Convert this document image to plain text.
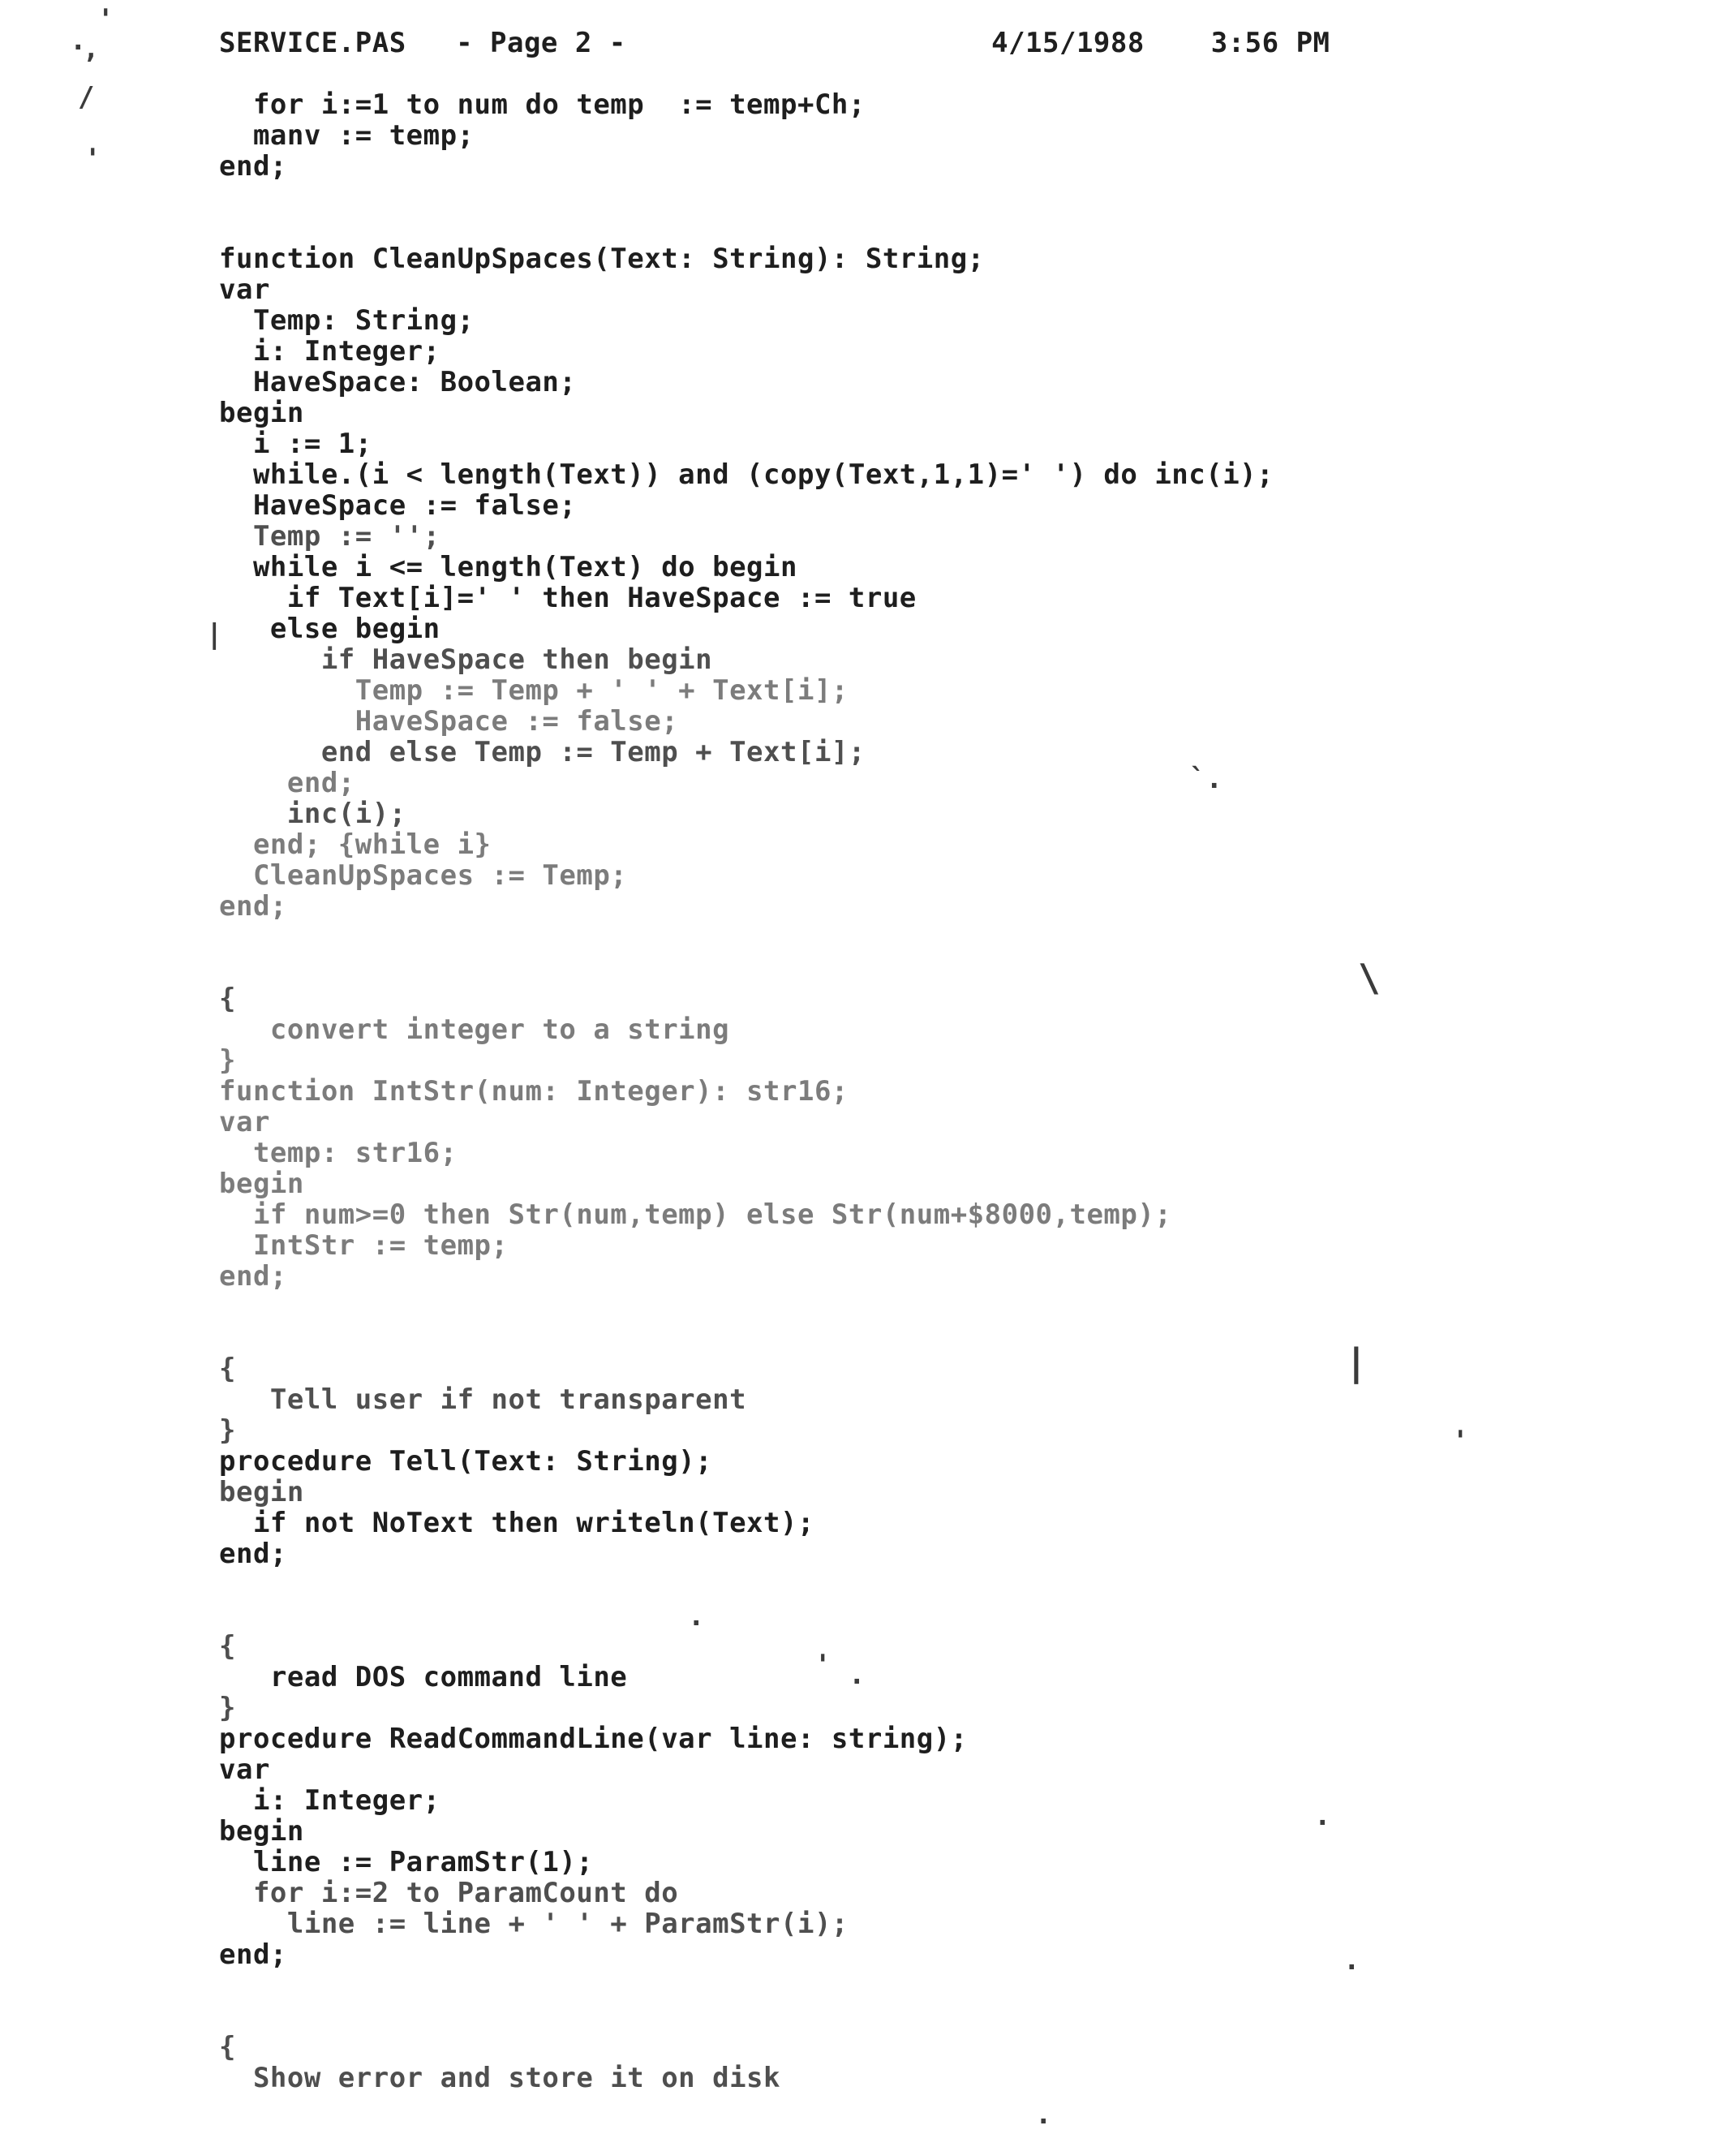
SERVICE.PAS - Page 2 -	4/15/1988 3:56 PM

for i:=1 to num do temp  := temp+Ch;
manv := temp;
end;

function CleanUpSpaces(Text: String): String;
var
Temp: String;
i: Integer;
HaveSpace: Boolean;
begin
i := 1;
while.(i < length(Text)) and (copy(Text,1,1)=' ') do inc(i);
HaveSpace := false;
Temp := '';
while i <= length(Text) do begin
if Text[i]=' ' then HaveSpace := true
else begin
if HaveSpace then begin
Temp := Temp + ' ' + Text[i];
HaveSpace := false;
end else Temp := Temp + Text[i];
end;
inc(i);
end; {while i}
CleanUpSpaces := Temp;
end;

{
convert integer to a string
}
function IntStr(num: Integer): str16;
var
temp: str16;
begin
if num>=0 then Str(num,temp) else Str(num+$8000,temp);
IntStr := temp;
end;

{
Tell user if not transparent
}
procedure Tell(Text: String);
begin
if not NoText then writeln(Text);
end;

{
read DOS command line
}
procedure ReadCommandLine(var line: string);
var
i: Integer;
begin
line := ParamStr(1);
for i:=2 to ParamCount do
line := line + ' ' + ParamStr(i);
end;

{
Show error and store it on disk

'
.
,
/
'
|
`.
\
|
'
.
' .
.
.
.
